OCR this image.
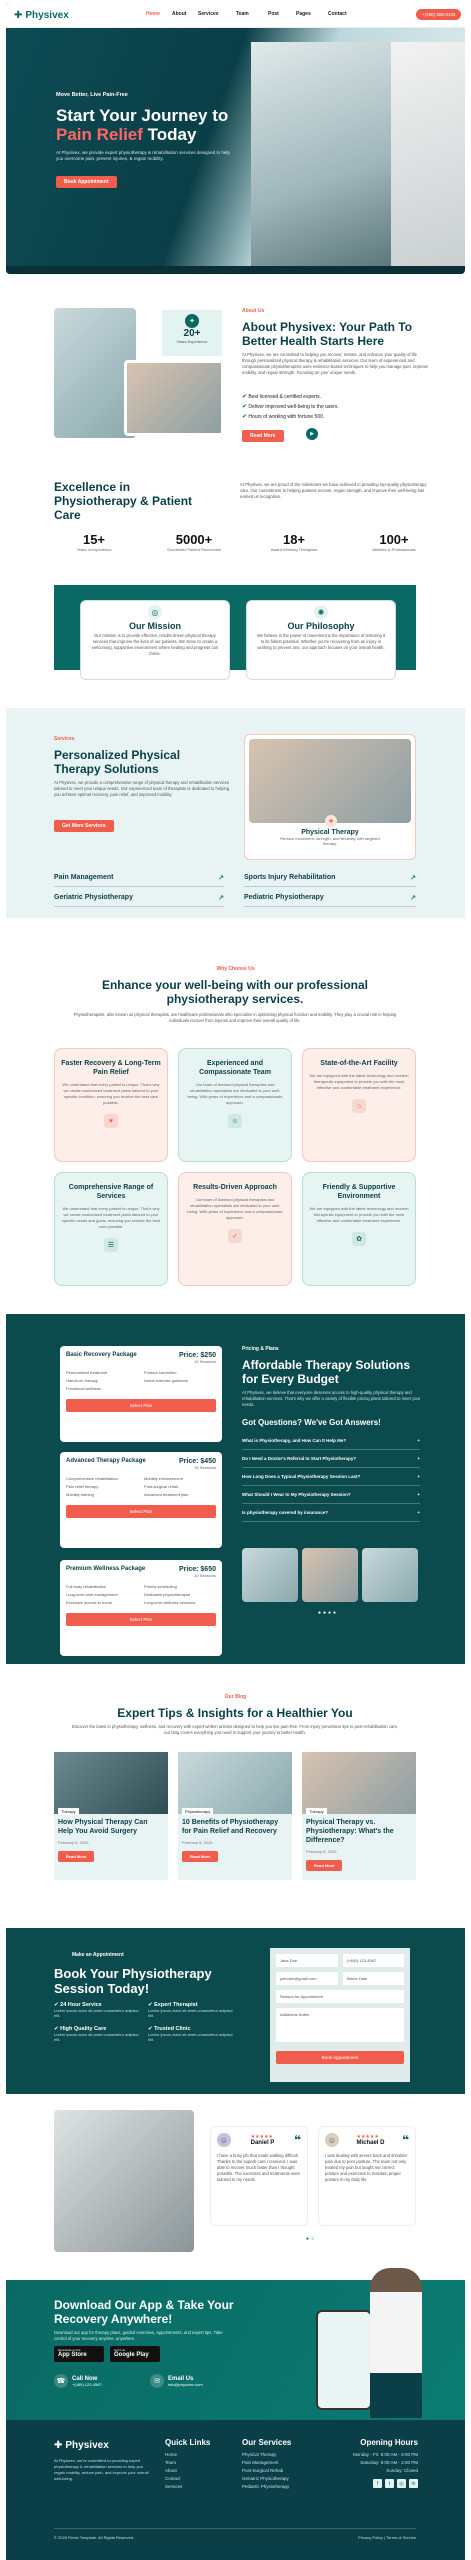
✚ Physivex	Home About Services	Team	Post	Pages	Contact	+(480) 555-0103
Move Better, Live Pain-Free
Start Your Journey to
Pain Relief Today
At Physivex, we provide expert physiotherapy & rehabilitation services designed to help you overcome pain, prevent injuries, & regain mobility.
Book Appointment
✦
20+
Years Experience
About Us
About Physivex: Your Path To Better Health Starts Here
At Physivex, we are committed to helping you recover, restore, and enhance your quality of life through personalized physical therapy & rehabilitation services. Our team of experienced and compassionate physiotherapists uses evidence-based techniques to help you manage pain, improve mobility, and regain strength. Focusing on your unique needs.
✔ Best licensed & certified experts.
✔ Deliver improved well-being to the users.
✔ Hours of working with fortune 500.
Read More	▶
Excellence in Physiotherapy & Patient Care
At Physivex, we are proud of the milestones we have achieved in providing top-quality physiotherapy care. Our commitment to helping patients recover, regain strength, and improve their well-being has earned us recognition.
15+
Years of experience
5000+
Successful Patient Recoveries
18+
Award Winning Therapists
100+
Athletes & Professionals
◎
Our Mission
Our mission is to provide effective, results-driven physical therapy services that improve the lives of our patients. We strive to create a welcoming, supportive environment where healing and progress can thrive.
✺
Our Philosophy
We believe in the power of movement & the importance of restoring it to its fullest potential. Whether you're recovering from an injury or working to prevent one, our approach focuses on your overall health.
Services
Personalized Physical Therapy Solutions
At Physivex, we provide a comprehensive range of physical therapy and rehabilitation services tailored to meet your unique needs. Our experienced team of therapists is dedicated to helping you achieve optimal recovery, pain relief, and improved mobility.
Get More Services
✚
Physical Therapy
Reduce movement, strength, and flexibility with targeted therapy.
Pain Management	↗	Sports Injury Rehabilitation	↗
Geriatric Physiotherapy	↗	Pediatric Physiotherapy	↗
Why Choose Us
Enhance your well-being with our professional physiotherapy services.
Physiotherapists, also known as physical therapists, are healthcare professionals who specialize in optimizing physical function and mobility. They play a crucial role in helping individuals recover from injuries and improve their overall quality of life.
Faster Recovery & Long-Term Pain Relief

We understand that every patient is unique. That's why we create customized treatment plans tailored to your specific condition, ensuring you receive the best care possible.

♥
Experienced and Compassionate Team

Our team of licensed physical therapists and rehabilitation specialists are dedicated to your well-being. With years of experience and a compassionate approach.

☺
State-of-the-Art Facility

We are equipped with the latest technology and modern therapeutic equipment to provide you with the most effective and comfortable treatment experience.

⌂
Comprehensive Range of Services

We understand that every patient is unique. That's why we create customized treatment plans tailored to your specific needs and goals, ensuring you receive the best care possible.

☰
Results-Driven Approach

Our team of licensed physical therapists and rehabilitation specialists are dedicated to your well-being. With years of experience and a compassionate approach.

✓
Friendly & Supportive Environment

We are equipped with the latest technology and modern therapeutic equipment to provide you with the most effective and comfortable treatment experience.

✿
Basic Recovery Package	Price: $250
10 Sessions
Personalized treatment	Posture correction
Hands-on therapy	Home exercise guidance
Functional wellness
Select Plan
Advanced Therapy Package	Price: $450
15 Sessions
Comprehensive rehabilitation	Mobility enhancement
Pain relief therapy	Post-surgical rehab
Mobility training	Advanced treatment plan
Select Plan
Premium Wellness Package	Price: $650
20 Sessions
Full body rehabilitation	Priority scheduling
Long-term care management	Dedicated physiotherapist
Exclusive access to home	Long-term wellness sessions
Select Plan
Pricing & Plans
Affordable Therapy Solutions for Every Budget
At Physivex, we believe that everyone deserves access to high-quality physical therapy and rehabilitation services. That's why we offer a variety of flexible pricing plans tailored to meet your needs.
Got Questions? We've Got Answers!
What is Physiotherapy, and How Can It Help Me?	+
Do I Need a Doctor's Referral to Start Physiotherapy?	+
How Long Does a Typical Physiotherapy Session Last?	+
What Should I Wear to My Physiotherapy Session?	+
Is physiotherapy covered by insurance?	+
●●●●
Our Blog
Expert Tips & Insights for a Healthier You
Discover the latest in physiotherapy, wellness, and recovery with expert-written articles designed to help you live pain-free. From injury prevention tips to post-rehabilitation care, our blog covers everything you need to support your journey to better health.
Therapy
How Physical Therapy Can Help You Avoid Surgery
February 8, 2025
Read More
Physiotherapy
10 Benefits of Physiotherapy for Pain Relief and Recovery
February 8, 2025
Read More
Therapy
Physical Therapy vs. Physiotherapy: What's the Difference?
February 8, 2025
Read More
Make an Appointment
Book Your Physiotherapy Session Today!
✔ 24 Hour Service
Lorem ipsum dolor sit amet consectetur adipisci elit.
✔ Expert Therapist
Lorem ipsum dolor sit amet consectetur adipisci elit.
✔ High Quality Care
Lorem ipsum dolor sit amet consectetur adipisci elit.
✔ Trusted Clinic
Lorem ipsum dolor sit amet consectetur adipisci elit.
Jane Doe	(+480) 123-4567
johndoe@gmail.com	Select Date
Reason for Appointment
Additional Notes
Book Appointment
☺	★★★★★
Daniel P ❝
I have a busy job that made walking difficult. Thanks to the superb care I received, I was able to recover much faster than I thought possible. The exercises and treatments were tailored to my needs.
☺	★★★★★
Michael D ❝
I was dealing with severe back and shoulder pain due to poor posture. The team not only treated my pain but taught me correct posture and exercises to maintain proper posture in my daily life.
●○
Download Our App & Take Your Recovery Anywhere!
Download our app for therapy plans, guided exercises, appointments, and expert tips. Take control of your recovery anytime, anywhere.
Download on the
App Store
Get it on
Google Play
☎	Call Now
+(480) 123-4567	✉	Email Us
info@physivex.com
✚ Physivex
At Physivex, we're committed to providing expert physiotherapy & rehabilitation services to help you regain mobility, reduce pain, and improve your overall well-being.
Quick Links
Home
Team
About
Contact
Services
Our Services
Physical Therapy
Pain Management
Post-Surgical Rehab
Geriatric Physiotherapy
Pediatric Physiotherapy
Opening Hours
Monday - Fri: 8:00 AM - 6:00 PM
Saturday: 9:00 AM - 2:00 PM
Sunday: Closed
f	t	◎	in
© 2025 Flexio Template. All Rights Reserved.	Privacy Policy | Terms of Service
